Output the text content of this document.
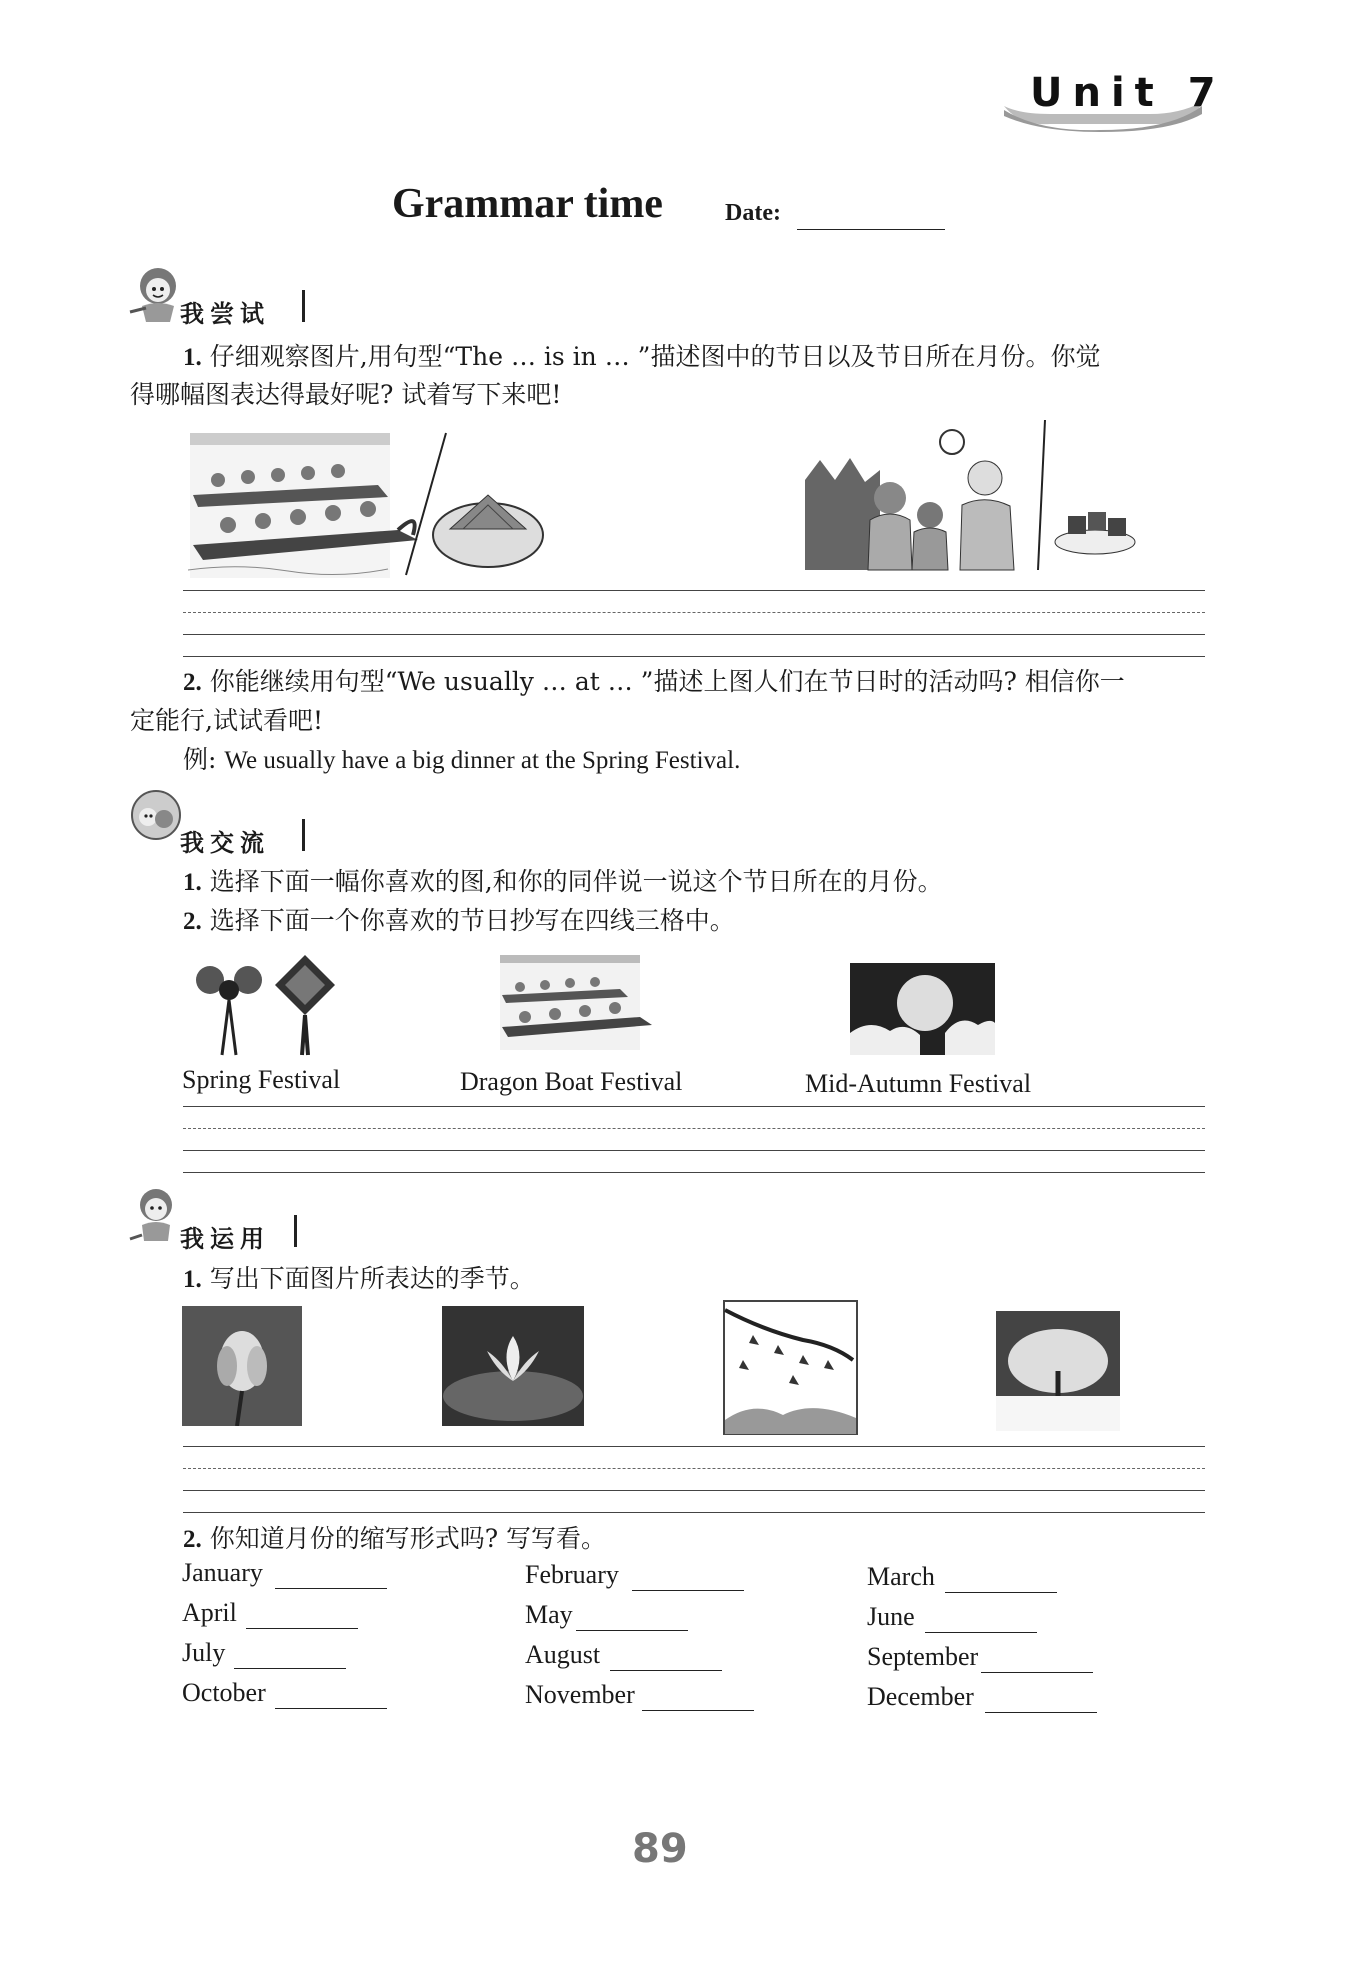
Unit 7
Grammar time	Date:
我尝试
1. 仔细观察图片,用句型“The … is in … ”描述图中的节日以及节日所在月份。你觉
得哪幅图表达得最好呢? 试着写下来吧!
2. 你能继续用句型“We usually … at … ”描述上图人们在节日时的活动吗? 相信你一
定能行,试试看吧!
例: We usually have a big dinner at the Spring Festival.
我交流
1. 选择下面一幅你喜欢的图,和你的同伴说一说这个节日所在的月份。
2. 选择下面一个你喜欢的节日抄写在四线三格中。
Spring Festival	Dragon Boat Festival	Mid-Autumn Festival
我运用
1. 写出下面图片所表达的季节。
2. 你知道月份的缩写形式吗? 写写看。
January	February	March
April	May	June
July	August	September
October	November	December
89
